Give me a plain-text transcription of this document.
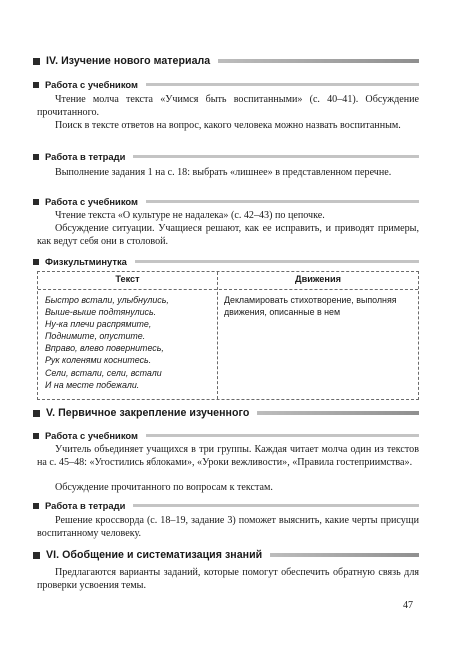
IV. Изучение нового материала
Работа с учебником

Чтение молча текста «Учимся быть воспитанными» (с. 40–41). Обсуждение прочитанного.

Поиск в тексте ответов на вопрос, какого человека можно назвать воспитанным.

Работа в тетради

Выполнение задания 1 на с. 18: выбрать «лишнее» в представленном перечне.

Работа с учебником

Чтение текста «О культуре не надалека» (с. 42–43) по цепочке.

Обсуждение ситуации. Учащиеся решают, как ее исправить, и приводят примеры, как ведут себя они в столовой.

Физкультминутка
Текст	Движения
Быстро встали, улыбнулись,
Выше-выше подтянулись.
Ну-ка плечи распрямите,
Поднимите, опустите.
Вправо, влево повернитесь,
Рук коленями коснитесь.
Сели, встали, сели, встали
И на месте побежали.
Декламировать стихотворение, выполняя движения, описанные в нем
V. Первичное закрепление изученного
Работа с учебником

Учитель объединяет учащихся в три группы. Каждая читает молча один из текстов на с. 45–48: «Угостились яблоками», «Уроки вежливости», «Правила гостеприимства».

Обсуждение прочитанного по вопросам к текстам.

Работа в тетради

Решение кроссворда (с. 18–19, задание 3) поможет выяснить, какие черты присущи воспитанному человеку.

VI. Обобщение и систематизация знаний

Предлагаются варианты заданий, которые помогут обеспечить обратную связь для проверки усвоения темы.

47
